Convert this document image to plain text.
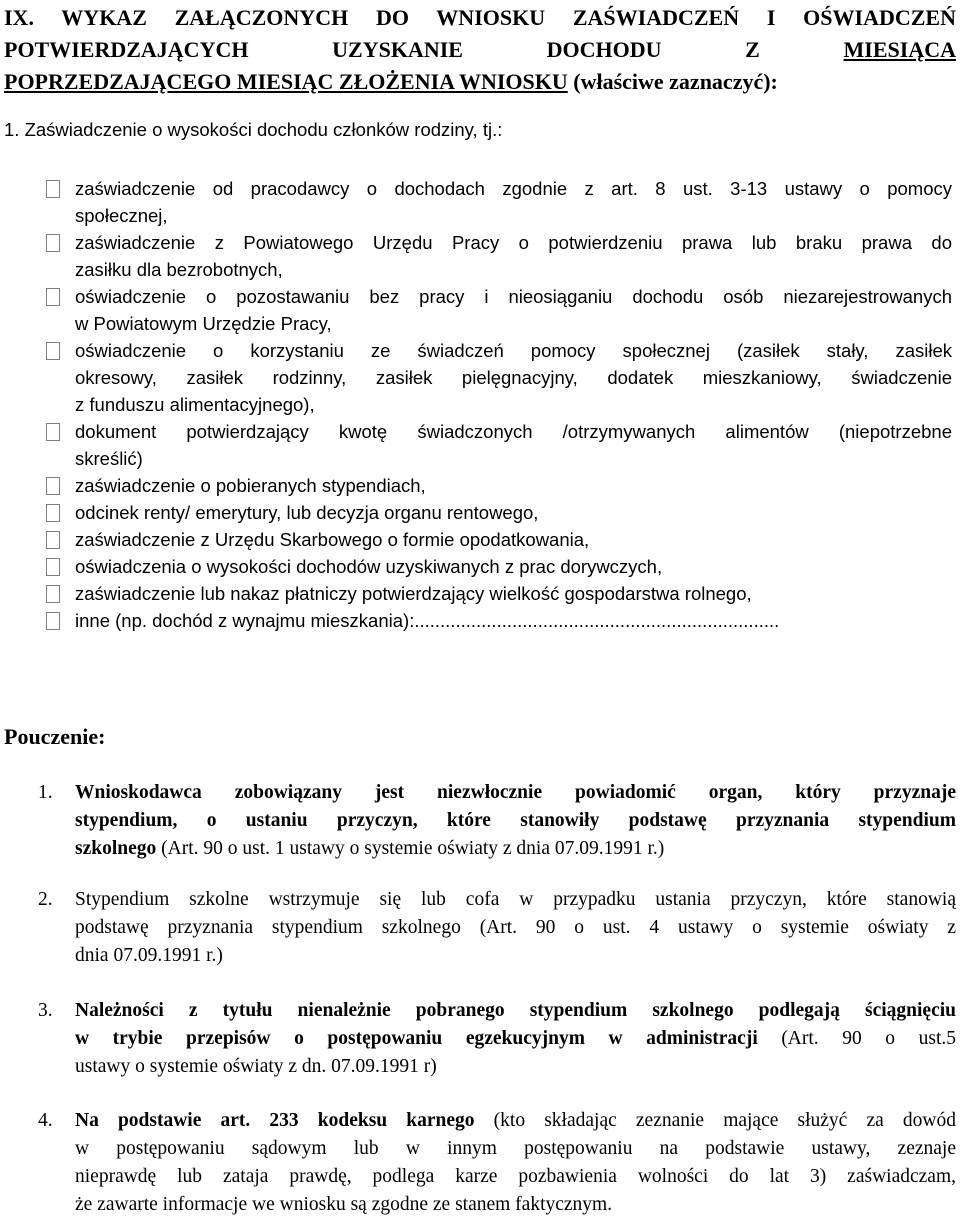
IX. WYKAZ ZAŁĄCZONYCH DO WNIOSKU ZAŚWIADCZEŃ I OŚWIADCZEŃ
POTWIERDZAJĄCYCH UZYSKANIE DOCHODU Z MIESIĄCA
POPRZEDZAJĄCEGO MIESIĄC ZŁOŻENIA WNIOSKU (właściwe zaznaczyć):
1. Zaświadczenie o wysokości dochodu członków rodziny, tj.:
zaświadczenie od pracodawcy o dochodach zgodnie z art. 8 ust. 3-13 ustawy o pomocy
społecznej,
zaświadczenie z Powiatowego Urzędu Pracy o potwierdzeniu prawa lub braku prawa do
zasiłku dla bezrobotnych,
oświadczenie o pozostawaniu bez pracy i nieosiąganiu dochodu osób niezarejestrowanych
w Powiatowym Urzędzie Pracy,
oświadczenie o korzystaniu ze świadczeń pomocy społecznej (zasiłek stały, zasiłek
okresowy, zasiłek rodzinny, zasiłek pielęgnacyjny, dodatek mieszkaniowy, świadczenie
z funduszu alimentacyjnego),
dokument potwierdzający kwotę świadczonych /otrzymywanych alimentów (niepotrzebne
skreślić)
zaświadczenie o pobieranych stypendiach,
odcinek renty/ emerytury, lub decyzja organu rentowego,
zaświadczenie z Urzędu Skarbowego o formie opodatkowania,
oświadczenia o wysokości dochodów uzyskiwanych z prac dorywczych,
zaświadczenie lub nakaz płatniczy potwierdzający wielkość gospodarstwa rolnego,
inne (np. dochód z wynajmu mieszkania):.......................................................................
Pouczenie:
1. Wnioskodawca zobowiązany jest niezwłocznie powiadomić organ, który przyznaje
stypendium, o ustaniu przyczyn, które stanowiły podstawę przyznania stypendium
szkolnego (Art. 90 o ust. 1 ustawy o systemie oświaty z dnia 07.09.1991 r.)
2. Stypendium szkolne wstrzymuje się lub cofa w przypadku ustania przyczyn, które stanowią
podstawę przyznania stypendium szkolnego (Art. 90 o ust. 4 ustawy o systemie oświaty z
dnia 07.09.1991 r.)
3. Należności z tytułu nienależnie pobranego stypendium szkolnego podlegają ściągnięciu
w trybie przepisów o postępowaniu egzekucyjnym w administracji (Art. 90 o ust.5
ustawy o systemie oświaty z dn. 07.09.1991 r)
4. Na podstawie art. 233 kodeksu karnego (kto składając zeznanie mające służyć za dowód
w postępowaniu sądowym lub w innym postępowaniu na podstawie ustawy, zeznaje
nieprawdę lub zataja prawdę, podlega karze pozbawienia wolności do lat 3) zaświadczam,
że zawarte informacje we wniosku są zgodne ze stanem faktycznym.
